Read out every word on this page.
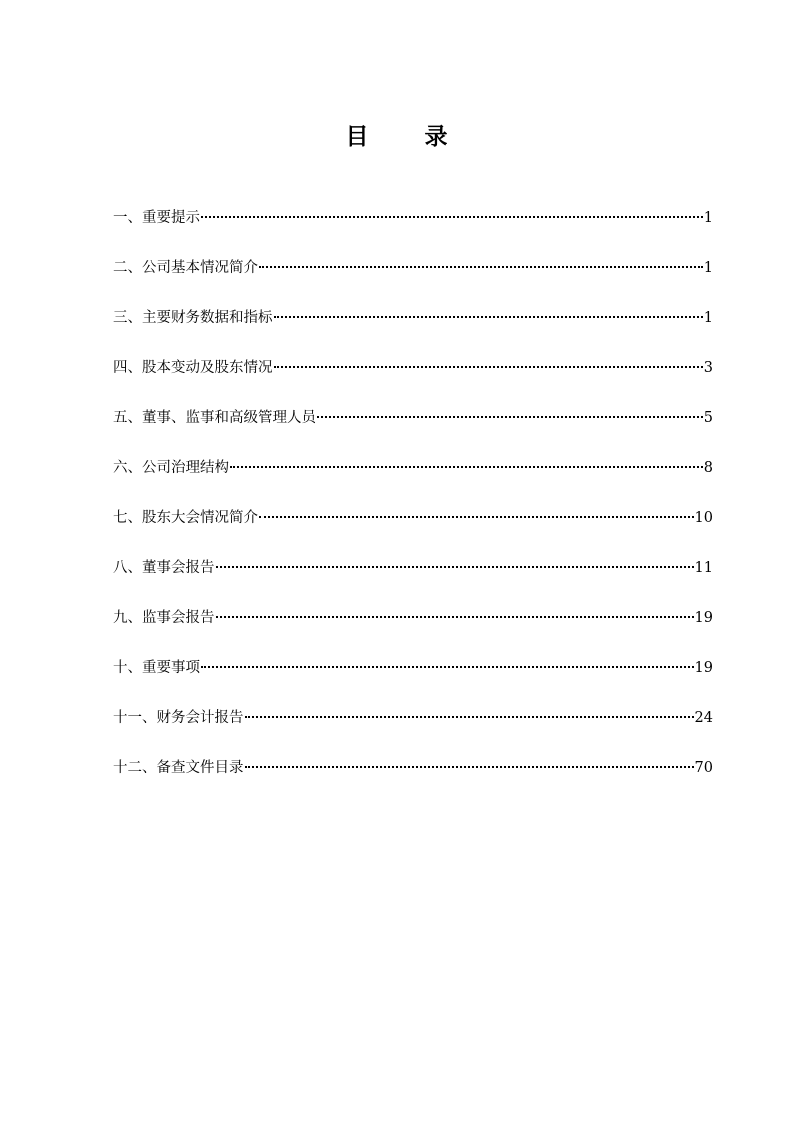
目 录
一、重要提示	1
二、公司基本情况简介	1
三、主要财务数据和指标	1
四、股本变动及股东情况	3
五、董事、监事和高级管理人员	5
六、公司治理结构	8
七、股东大会情况简介	10
八、董事会报告	11
九、监事会报告	19
十、重要事项	19
十一、财务会计报告	24
十二、备查文件目录	70
